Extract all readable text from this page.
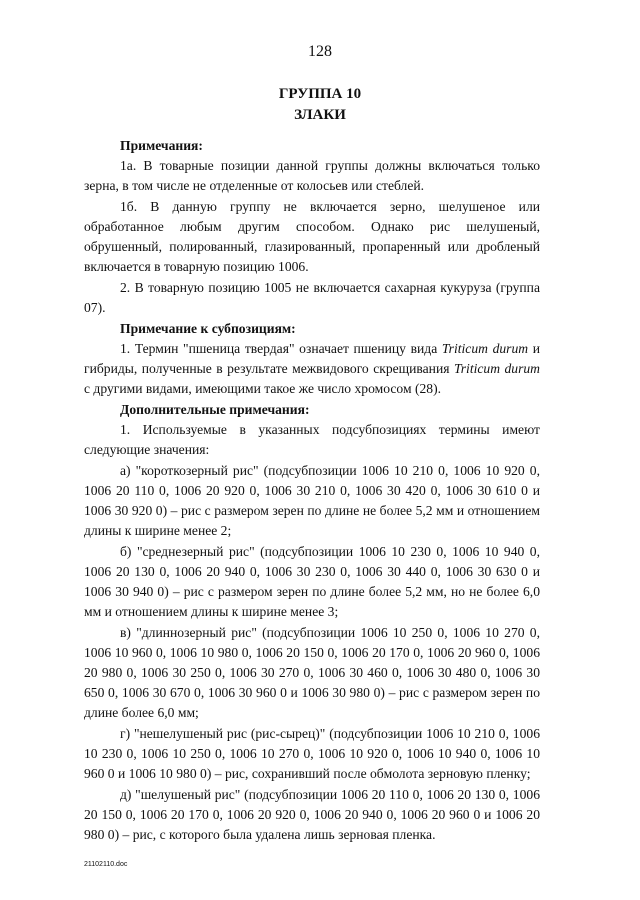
128
ГРУППА 10
ЗЛАКИ
Примечания:

1а. В товарные позиции данной группы должны включаться только зерна, в том числе не отделенные от колосьев или стеблей.

1б. В данную группу не включается зерно, шелушеное или обработанное любым другим способом. Однако рис шелушеный, обрушенный, полированный, глазированный, пропаренный или дробленый включается в товарную позицию 1006.

2. В товарную позицию 1005 не включается сахарная кукуруза (группа 07).

Примечание к субпозициям:

1. Термин "пшеница твердая" означает пшеницу вида Triticum durum и гибриды, полученные в результате межвидового скрещивания Triticum durum с другими видами, имеющими такое же число хромосом (28).

Дополнительные примечания:

1. Используемые в указанных подсубпозициях термины имеют следующие значения:

а) "короткозерный рис" (подсубпозиции 1006 10 210 0, 1006 10 920 0, 1006 20 110 0, 1006 20 920 0, 1006 30 210 0, 1006 30 420 0, 1006 30 610 0 и 1006 30 920 0) – рис с размером зерен по длине не более 5,2 мм и отношением длины к ширине менее 2;

б) "среднезерный рис" (подсубпозиции 1006 10 230 0, 1006 10 940 0, 1006 20 130 0, 1006 20 940 0, 1006 30 230 0, 1006 30 440 0, 1006 30 630 0 и 1006 30 940 0) – рис с размером зерен по длине более 5,2 мм, но не более 6,0 мм и отношением длины к ширине менее 3;

в) "длиннозерный рис" (подсубпозиции 1006 10 250 0, 1006 10 270 0, 1006 10 960 0, 1006 10 980 0, 1006 20 150 0, 1006 20 170 0, 1006 20 960 0, 1006 20 980 0, 1006 30 250 0, 1006 30 270 0, 1006 30 460 0, 1006 30 480 0, 1006 30 650 0, 1006 30 670 0, 1006 30 960 0 и 1006 30 980 0) – рис с размером зерен по длине более 6,0 мм;

г) "нешелушеный рис (рис-сырец)" (подсубпозиции 1006 10 210 0, 1006 10 230 0, 1006 10 250 0, 1006 10 270 0, 1006 10 920 0, 1006 10 940 0, 1006 10 960 0 и 1006 10 980 0) – рис, сохранивший после обмолота зерновую пленку;

д) "шелушеный рис" (подсубпозиции 1006 20 110 0, 1006 20 130 0, 1006 20 150 0, 1006 20 170 0, 1006 20 920 0, 1006 20 940 0, 1006 20 960 0 и 1006 20 980 0) – рис, с которого была удалена лишь зерновая пленка.

21102110.doc
